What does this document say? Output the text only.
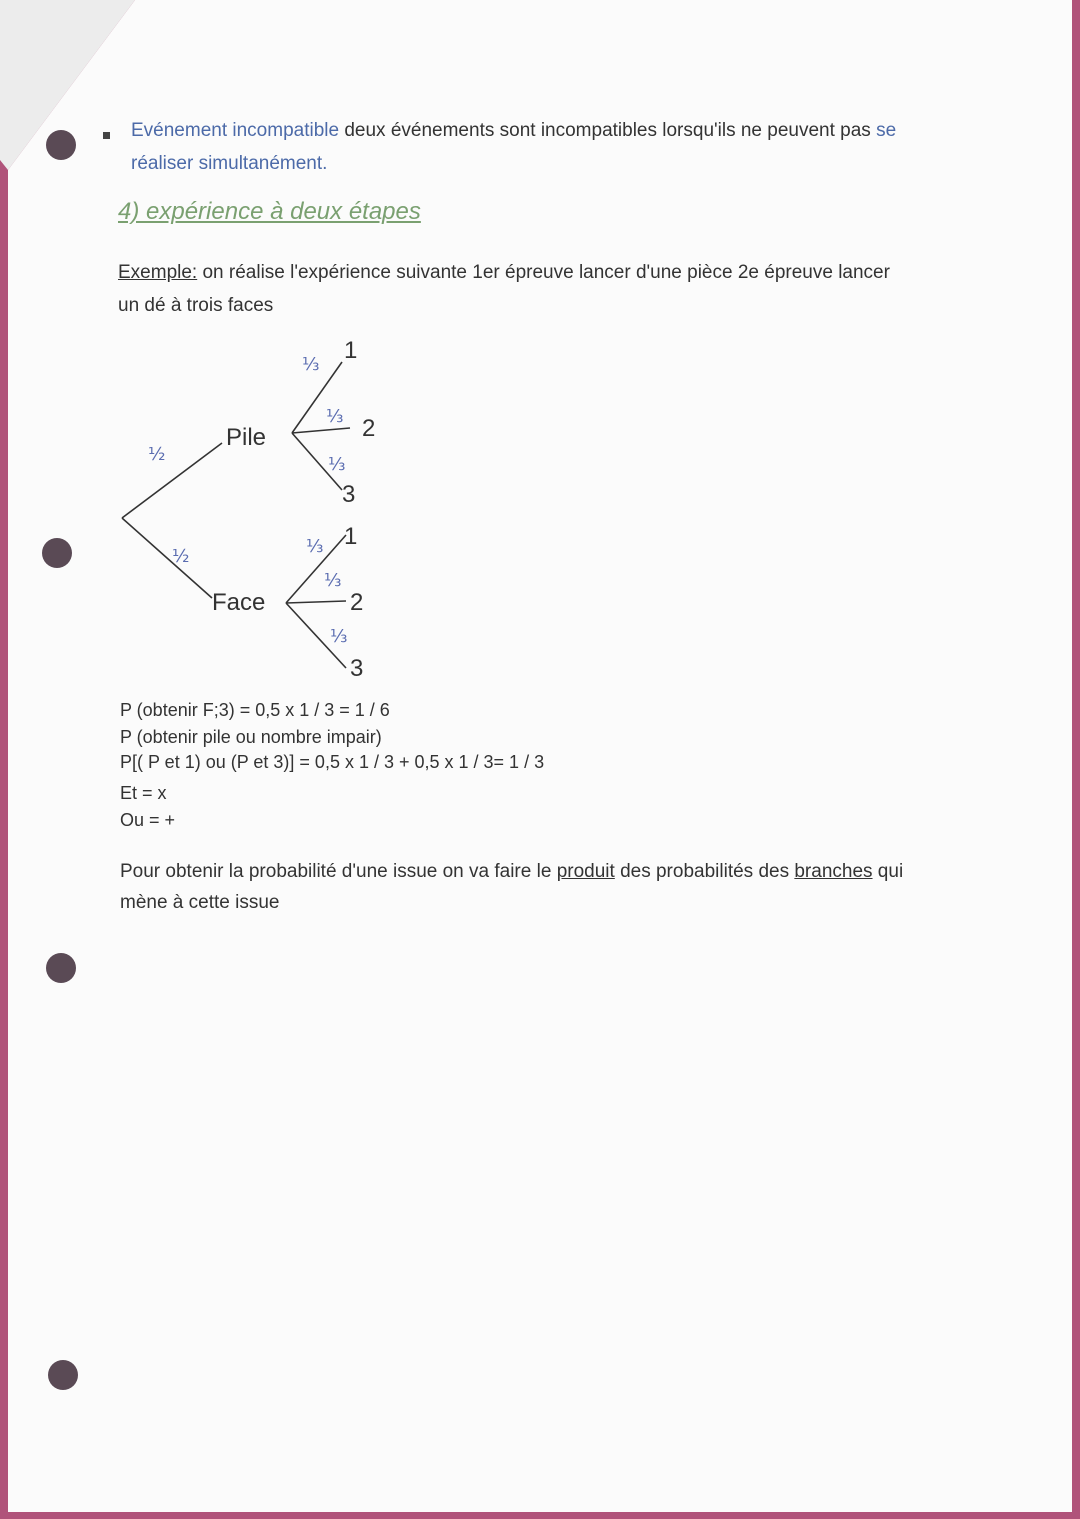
Evénement incompatible deux événements sont incompatibles lorsqu'ils ne peuvent pas se réaliser simultanément.
4) expérience à deux étapes
Exemple: on réalise l'expérience suivante 1er épreuve lancer d'une pièce 2e épreuve lancer un dé à trois faces
Pile
Face
1
2
3
1
2
3
½
½
⅓
⅓
⅓
⅓
⅓
⅓
P (obtenir F;3) = 0,5 x 1 / 3 = 1 / 6
P (obtenir pile ou nombre impair)
P[( P et 1) ou (P et 3)] = 0,5 x 1 / 3 + 0,5 x 1 / 3= 1 / 3
Et = x
Ou = +
Pour obtenir la probabilité d'une issue on va faire le produit des probabilités des branches qui mène à cette issue
